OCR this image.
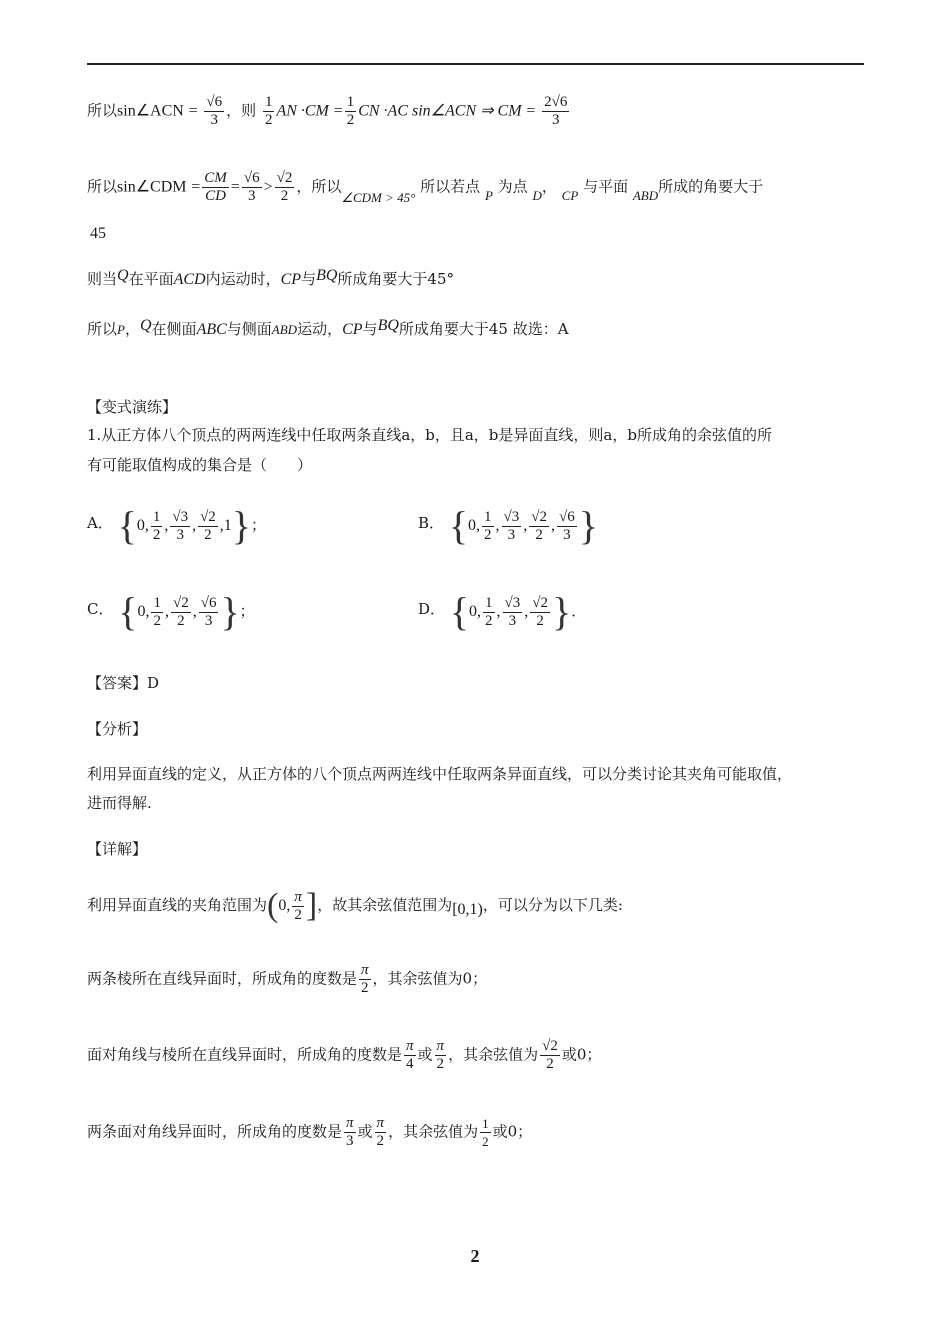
所以sin∠ACN = $\frac{√6}{3}$ ，则 $\frac{1}{2}$ AN $\cdot CM = \frac{1}{2}$ CN ·AC sin∠ACN ⇒ CM = $\frac{2√6}{3}$
所以sin∠CDM = $\frac{CM}{CD} = \frac{√6}{3} > \frac{√2}{2}$ ，所以∠CDM > 45° 所以若点 P 为点 D， CP 与平面 ABD所成的角要大于
45
则当Q在平面ACD内运动时，CP与BQ所成角要大于45°
所以P，Q在侧面ABC与侧面ABD运动，CP与BQ所成角要大于45 故选：A
【变式演练】
1.从正方体八个顶点的两两连线中任取两条直线a，b，且a，b是异面直线，则a，b所成角的余弦值的所
有可能取值构成的集合是（　　）
A． {0, $\frac{1}{2}$ , $\frac{√3}{3}$ , $\frac{√2}{2} ,1$}；	B． {0, $\frac{1}{2}$ , $\frac{√3}{3}$ , $\frac{√2}{2}$ , $\frac{√6}{3}$ }
C． {0, $\frac{1}{2}$ , $\frac{√2}{2}$ , $\frac{√6}{3}$ }；	D． {0, $\frac{1}{2}$ , $\frac{√3}{3}$ , $\frac{√2}{2}$ }．
【答案】D
【分析】
利用异面直线的定义，从正方体的八个顶点两两连线中任取两条异面直线，可以分类讨论其夹角可能取值，
进而得解.
【详解】
利用异面直线的夹角范围为(0, $\frac{\pi}{2}$ ]，故其余弦值范围为[0,1)，可以分为以下几类:
两条棱所在直线异面时，所成角的度数是 $\frac{\pi}{2}$ ，其余弦值为0；
面对角线与棱所在直线异面时，所成角的度数是 $\frac{\pi}{4}$ 或 $\frac{\pi}{2}$ ，其余弦值为 $\frac{√2}{2}$ 或0；
两条面对角线异面时，所成角的度数是 $\frac{\pi}{3}$ 或 $\frac{\pi}{2}$ ，其余弦值为 $\frac{1}{2}$ 或0；
2
